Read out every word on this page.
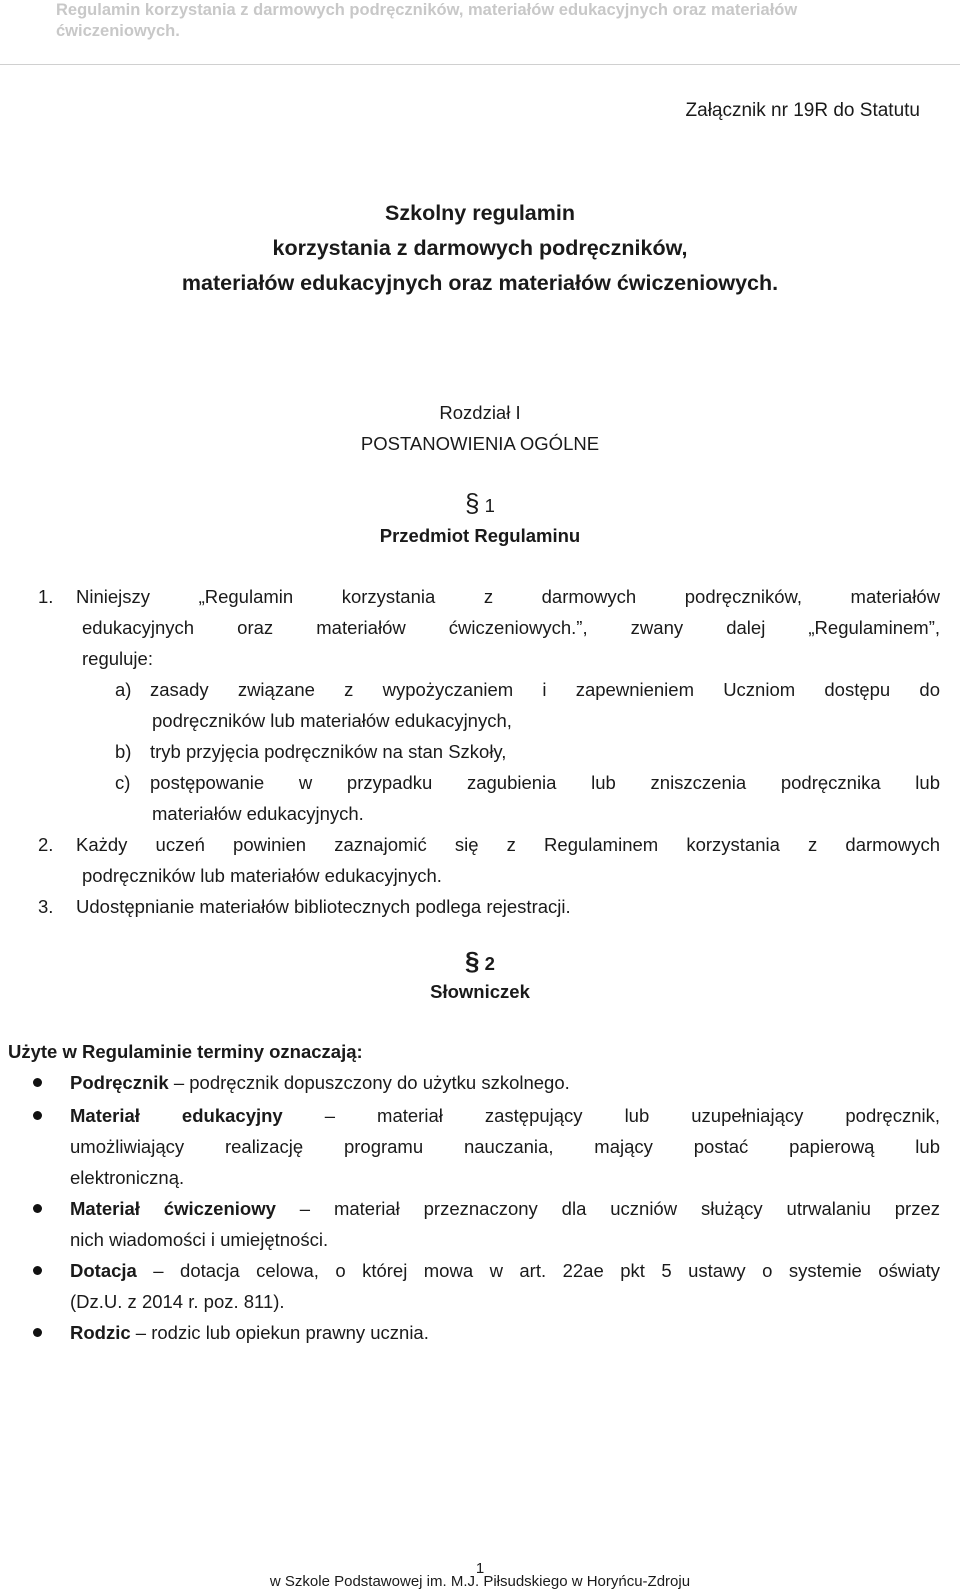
Regulamin korzystania z darmowych podręczników, materiałów edukacyjnych oraz materiałów ćwiczeniowych.
Załącznik nr 19R do Statutu
Szkolny regulamin
korzystania z darmowych podręczników,
materiałów edukacyjnych oraz materiałów ćwiczeniowych.
Rozdział I
POSTANOWIENIA OGÓLNE
§ 1
Przedmiot Regulaminu
1. Niniejszy „Regulamin korzystania z darmowych podręczników, materiałów
edukacyjnych oraz materiałów ćwiczeniowych.”, zwany dalej „Regulaminem”,
reguluje:
a) zasady związane z wypożyczaniem i zapewnieniem Uczniom dostępu do
podręczników lub materiałów edukacyjnych,
b) tryb przyjęcia podręczników na stan Szkoły,
c) postępowanie w przypadku zagubienia lub zniszczenia podręcznika lub
materiałów edukacyjnych.
2. Każdy uczeń powinien zaznajomić się z Regulaminem korzystania z darmowych
podręczników lub materiałów edukacyjnych.
3. Udostępnianie materiałów bibliotecznych podlega rejestracji.
§ 2
Słowniczek
Użyte w Regulaminie terminy oznaczają:
Podręcznik – podręcznik dopuszczony do użytku szkolnego.
Materiał edukacyjny – materiał zastępujący lub uzupełniający podręcznik,
umożliwiający realizację programu nauczania, mający postać papierową lub
elektroniczną.
Materiał ćwiczeniowy – materiał przeznaczony dla uczniów służący utrwalaniu przez
nich wiadomości i umiejętności.
Dotacja – dotacja celowa, o której mowa w art. 22ae pkt 5 ustawy o systemie oświaty
(Dz.U. z 2014 r. poz. 811).
Rodzic – rodzic lub opiekun prawny ucznia.
1
w Szkole Podstawowej im. M.J. Piłsudskiego w Horyńcu-Zdroju
